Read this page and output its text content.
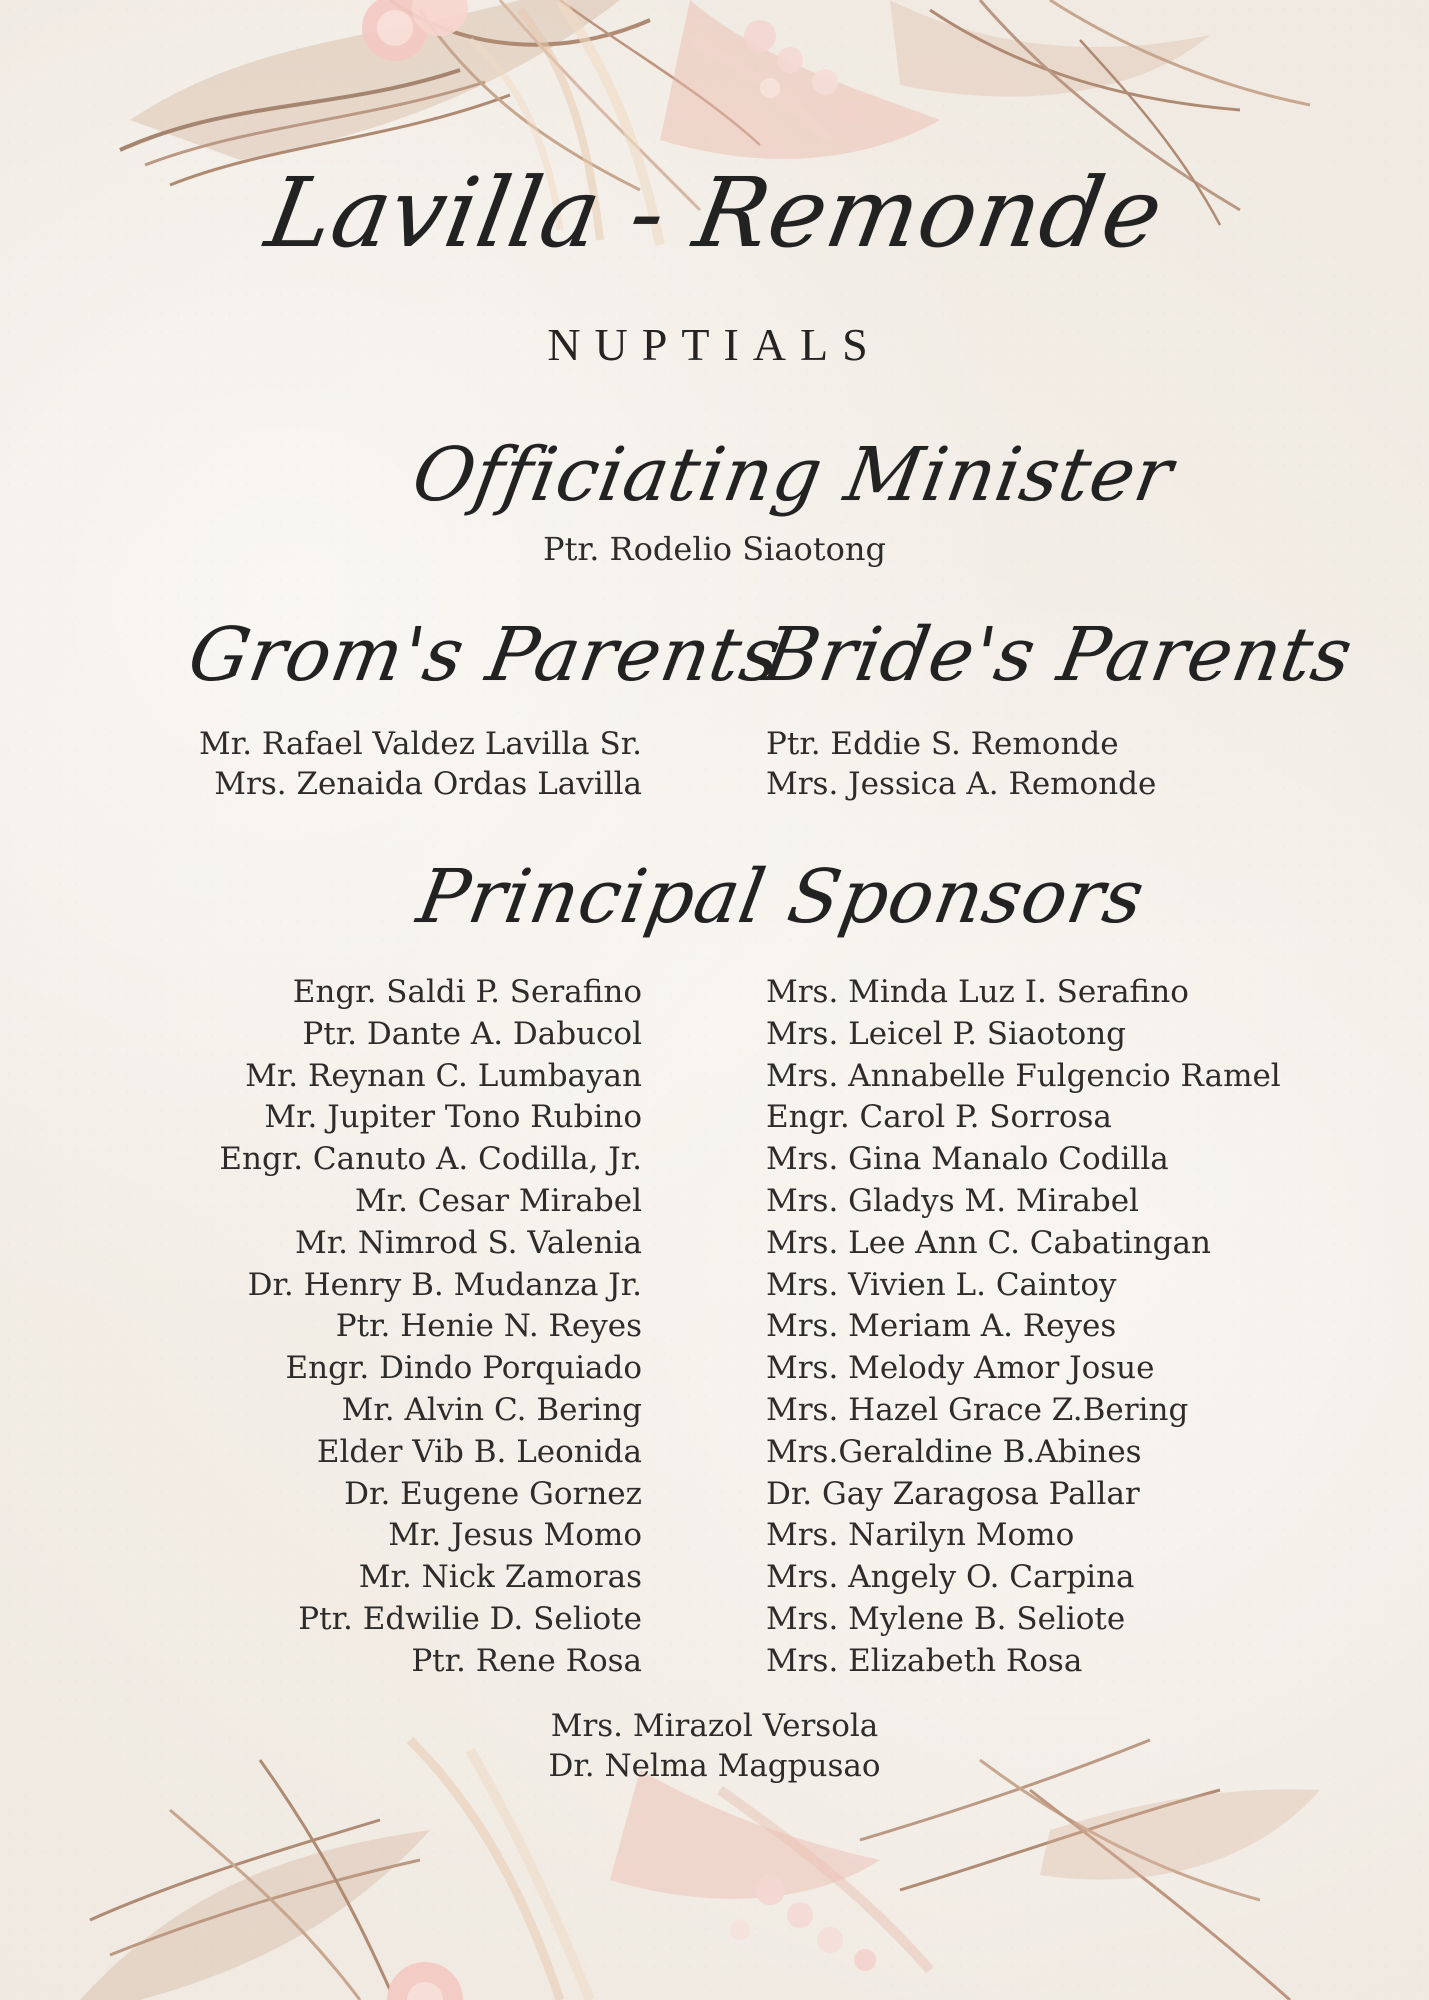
Lavilla - Remonde
NUPTIALS
Officiating Minister
Ptr. Rodelio Siaotong
Grom's Parents
Bride's Parents
Mr. Rafael Valdez Lavilla Sr.
Mrs. Zenaida Ordas Lavilla
Ptr. Eddie S. Remonde
Mrs. Jessica A. Remonde
Principal Sponsors
Engr. Saldi P. Serafino
Ptr. Dante A. Dabucol
Mr. Reynan C. Lumbayan
Mr. Jupiter Tono Rubino
Engr. Canuto A. Codilla, Jr.
Mr. Cesar Mirabel
Mr. Nimrod S. Valenia
Dr. Henry B. Mudanza Jr.
Ptr. Henie N. Reyes
Engr. Dindo Porquiado
Mr. Alvin C. Bering
Elder Vib B. Leonida
Dr. Eugene Gornez
Mr. Jesus Momo
Mr. Nick Zamoras
Ptr. Edwilie D. Seliote
Ptr. Rene Rosa
Mrs. Minda Luz I. Serafino
Mrs. Leicel P. Siaotong
Mrs. Annabelle Fulgencio Ramel
Engr. Carol P. Sorrosa
Mrs. Gina Manalo Codilla
Mrs. Gladys M. Mirabel
Mrs. Lee Ann C. Cabatingan
Mrs. Vivien L. Caintoy
Mrs. Meriam A. Reyes
Mrs. Melody Amor Josue
Mrs. Hazel Grace Z.Bering
Mrs.Geraldine B.Abines
Dr. Gay Zaragosa Pallar
Mrs. Narilyn Momo
Mrs. Angely O. Carpina
Mrs. Mylene B. Seliote
Mrs. Elizabeth Rosa
Mrs. Mirazol Versola
Dr. Nelma Magpusao
